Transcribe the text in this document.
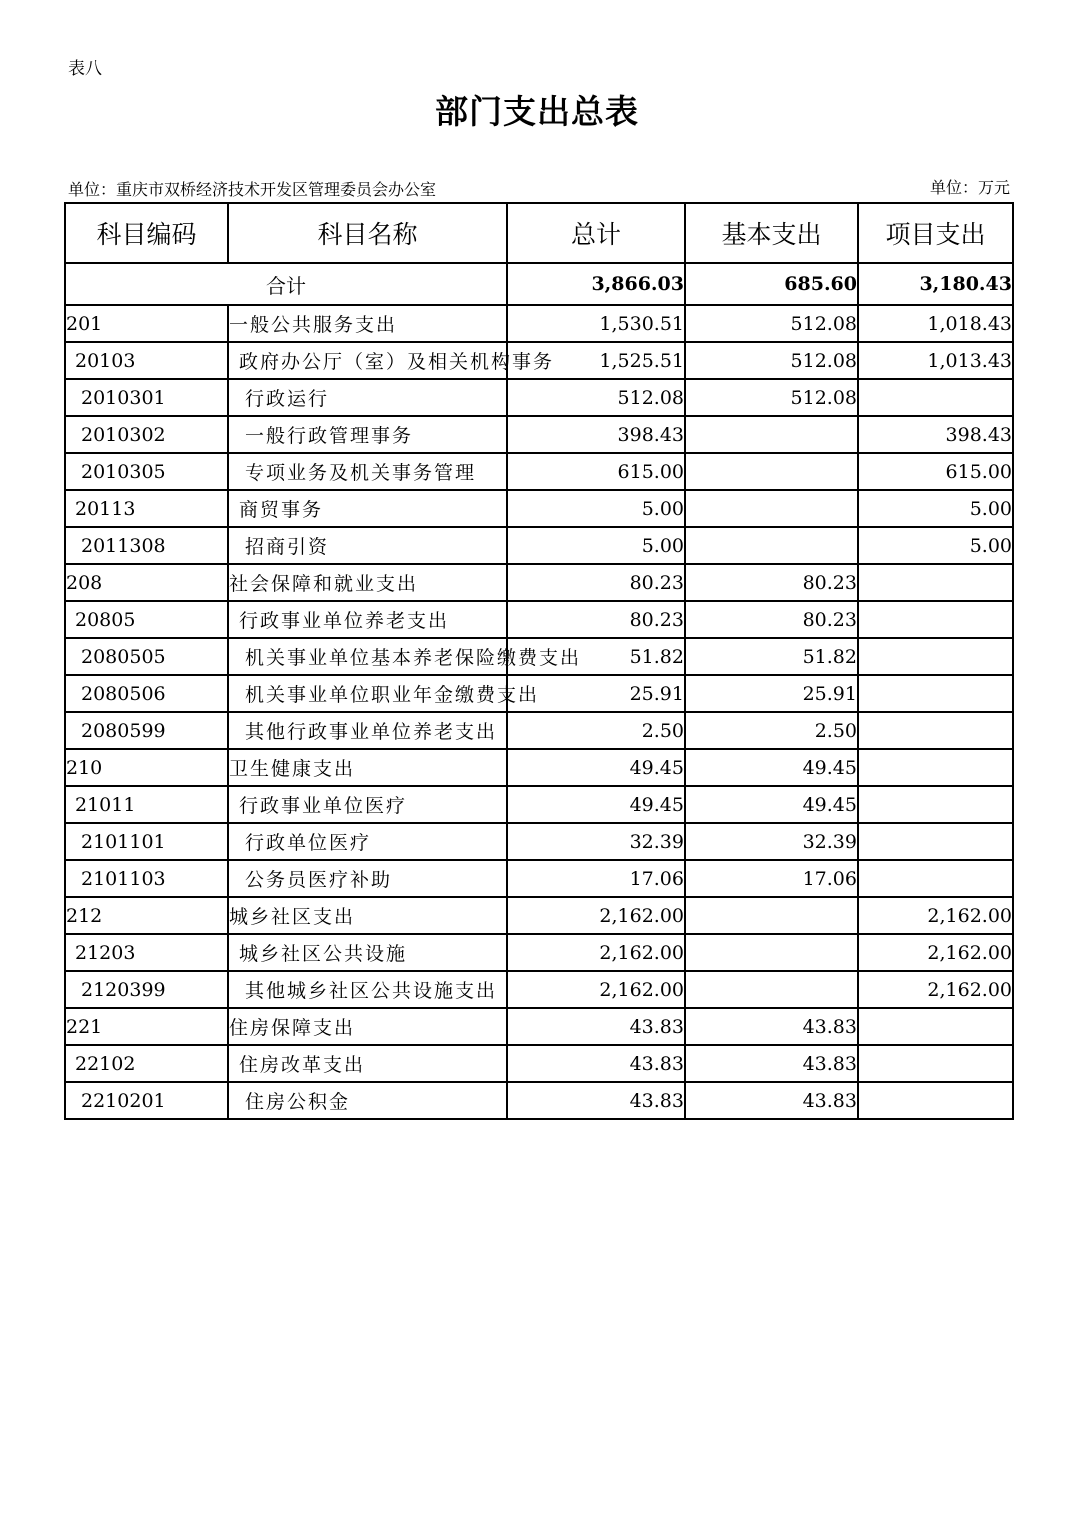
表八
部门支出总表
单位：重庆市双桥经济技术开发区管理委员会办公室	单位：万元
科目编码	科目名称	总计	基本支出	项目支出
合计		3,866.03	685.60	3,180.43
201	一般公共服务支出	1,530.51	512.08	1,018.43
20103	政府办公厅（室）及相关机构事务	1,525.51	512.08	1,013.43
2010301	行政运行	512.08	512.08	
2010302	一般行政管理事务	398.43		398.43
2010305	专项业务及机关事务管理	615.00		615.00
20113	商贸事务	5.00		5.00
2011308	招商引资	5.00		5.00
208	社会保障和就业支出	80.23	80.23	
20805	行政事业单位养老支出	80.23	80.23	
2080505	机关事业单位基本养老保险缴费支出	51.82	51.82	
2080506	机关事业单位职业年金缴费支出	25.91	25.91	
2080599	其他行政事业单位养老支出	2.50	2.50	
210	卫生健康支出	49.45	49.45	
21011	行政事业单位医疗	49.45	49.45	
2101101	行政单位医疗	32.39	32.39	
2101103	公务员医疗补助	17.06	17.06	
212	城乡社区支出	2,162.00		2,162.00
21203	城乡社区公共设施	2,162.00		2,162.00
2120399	其他城乡社区公共设施支出	2,162.00		2,162.00
221	住房保障支出	43.83	43.83	
22102	住房改革支出	43.83	43.83	
2210201	住房公积金	43.83	43.83	
